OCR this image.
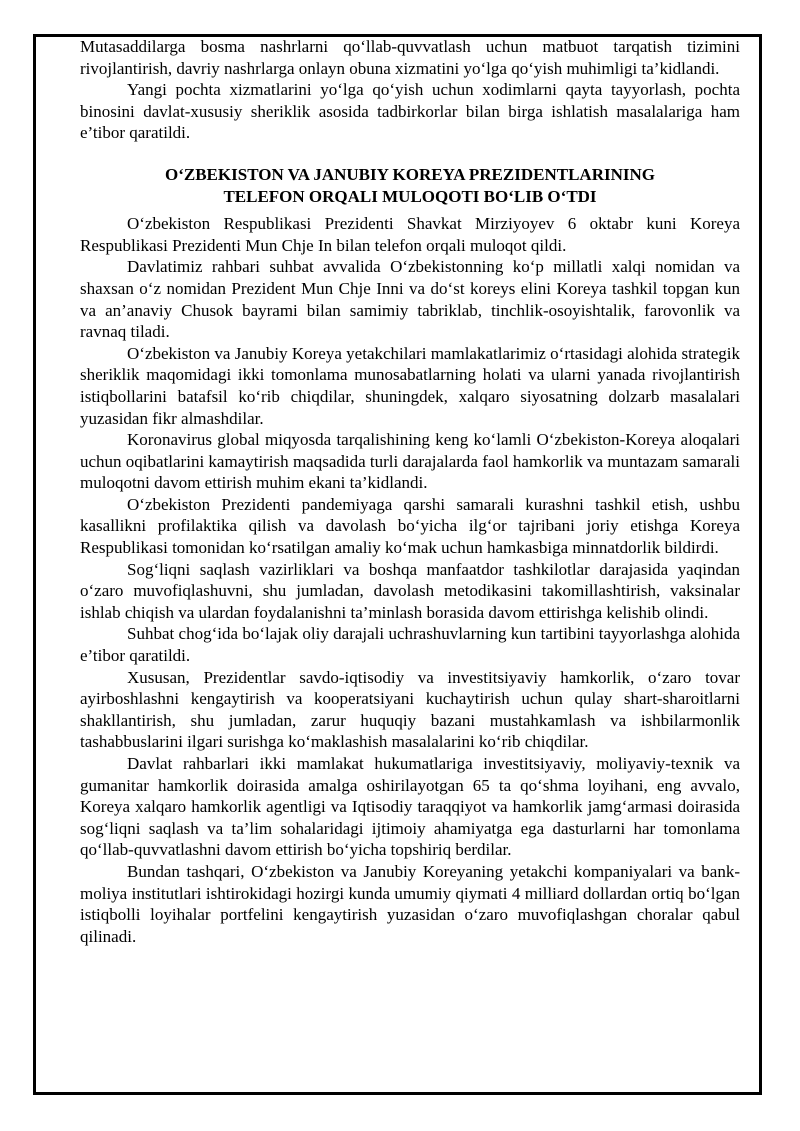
Mutasaddilarga bosma nashrlarni qo‘llab-quvvatlash uchun matbuot tarqatish tizimini rivojlantirish, davriy nashrlarga onlayn obuna xizmatini yo‘lga qo‘yish muhimligi ta’kidlandi.

Yangi pochta xizmatlarini yo‘lga qo‘yish uchun xodimlarni qayta tayyorlash, pochta binosini davlat-xususiy sheriklik asosida tadbirkorlar bilan birga ishlatish masalalariga ham e’tibor qaratildi.

O‘ZBEKISTON VA JANUBIY KOREYA PREZIDENTLARINING
TELEFON ORQALI MULOQOTI BO‘LIB O‘TDI

O‘zbekiston Respublikasi Prezidenti Shavkat Mirziyoyev 6 oktabr kuni Koreya Respublikasi Prezidenti Mun Chje In bilan telefon orqali muloqot qildi.

Davlatimiz rahbari suhbat avvalida O‘zbekistonning ko‘p millatli xalqi nomidan va shaxsan o‘z nomidan Prezident Mun Chje Inni va do‘st koreys elini Koreya tashkil topgan kun va an’anaviy Chusok bayrami bilan samimiy tabriklab, tinchlik-osoyishtalik, farovonlik va ravnaq tiladi.

O‘zbekiston va Janubiy Koreya yetakchilari mamlakatlarimiz o‘rtasidagi alohida strategik sheriklik maqomidagi ikki tomonlama munosabatlarning holati va ularni yanada rivojlantirish istiqbollarini batafsil ko‘rib chiqdilar, shuningdek, xalqaro siyosatning dolzarb masalalari yuzasidan fikr almashdilar.

Koronavirus global miqyosda tarqalishining keng ko‘lamli O‘zbekiston-Koreya aloqalari uchun oqibatlarini kamaytirish maqsadida turli darajalarda faol hamkorlik va muntazam samarali muloqotni davom ettirish muhim ekani ta’kidlandi.

O‘zbekiston Prezidenti pandemiyaga qarshi samarali kurashni tashkil etish, ushbu kasallikni profilaktika qilish va davolash bo‘yicha ilg‘or tajribani joriy etishga Koreya Respublikasi tomonidan ko‘rsatilgan amaliy ko‘mak uchun hamkasbiga minnatdorlik bildirdi.

Sog‘liqni saqlash vazirliklari va boshqa manfaatdor tashkilotlar darajasida yaqindan o‘zaro muvofiqlashuvni, shu jumladan, davolash metodikasini takomillashtirish, vaksinalar ishlab chiqish va ulardan foydalanishni ta’minlash borasida davom ettirishga kelishib olindi.

Suhbat chog‘ida bo‘lajak oliy darajali uchrashuvlarning kun tartibini tayyorlashga alohida e’tibor qaratildi.

Xususan, Prezidentlar savdo-iqtisodiy va investitsiyaviy hamkorlik, o‘zaro tovar ayirboshlashni kengaytirish va kooperatsiyani kuchaytirish uchun qulay shart-sharoitlarni shakllantirish, shu jumladan, zarur huquqiy bazani mustahkamlash va ishbilarmonlik tashabbuslarini ilgari surishga ko‘maklashish masalalarini ko‘rib chiqdilar.

Davlat rahbarlari ikki mamlakat hukumatlariga investitsiyaviy, moliyaviy-texnik va gumanitar hamkorlik doirasida amalga oshirilayotgan 65 ta qo‘shma loyihani, eng avvalo, Koreya xalqaro hamkorlik agentligi va Iqtisodiy taraqqiyot va hamkorlik jamg‘armasi doirasida sog‘liqni saqlash va ta’lim sohalaridagi ijtimoiy ahamiyatga ega dasturlarni har tomonlama qo‘llab-quvvatlashni davom ettirish bo‘yicha topshiriq berdilar.

Bundan tashqari, O‘zbekiston va Janubiy Koreyaning yetakchi kompaniyalari va bank-moliya institutlari ishtirokidagi hozirgi kunda umumiy qiymati 4 milliard dollardan ortiq bo‘lgan istiqbolli loyihalar portfelini kengaytirish yuzasidan o‘zaro muvofiqlashgan choralar qabul qilinadi.
